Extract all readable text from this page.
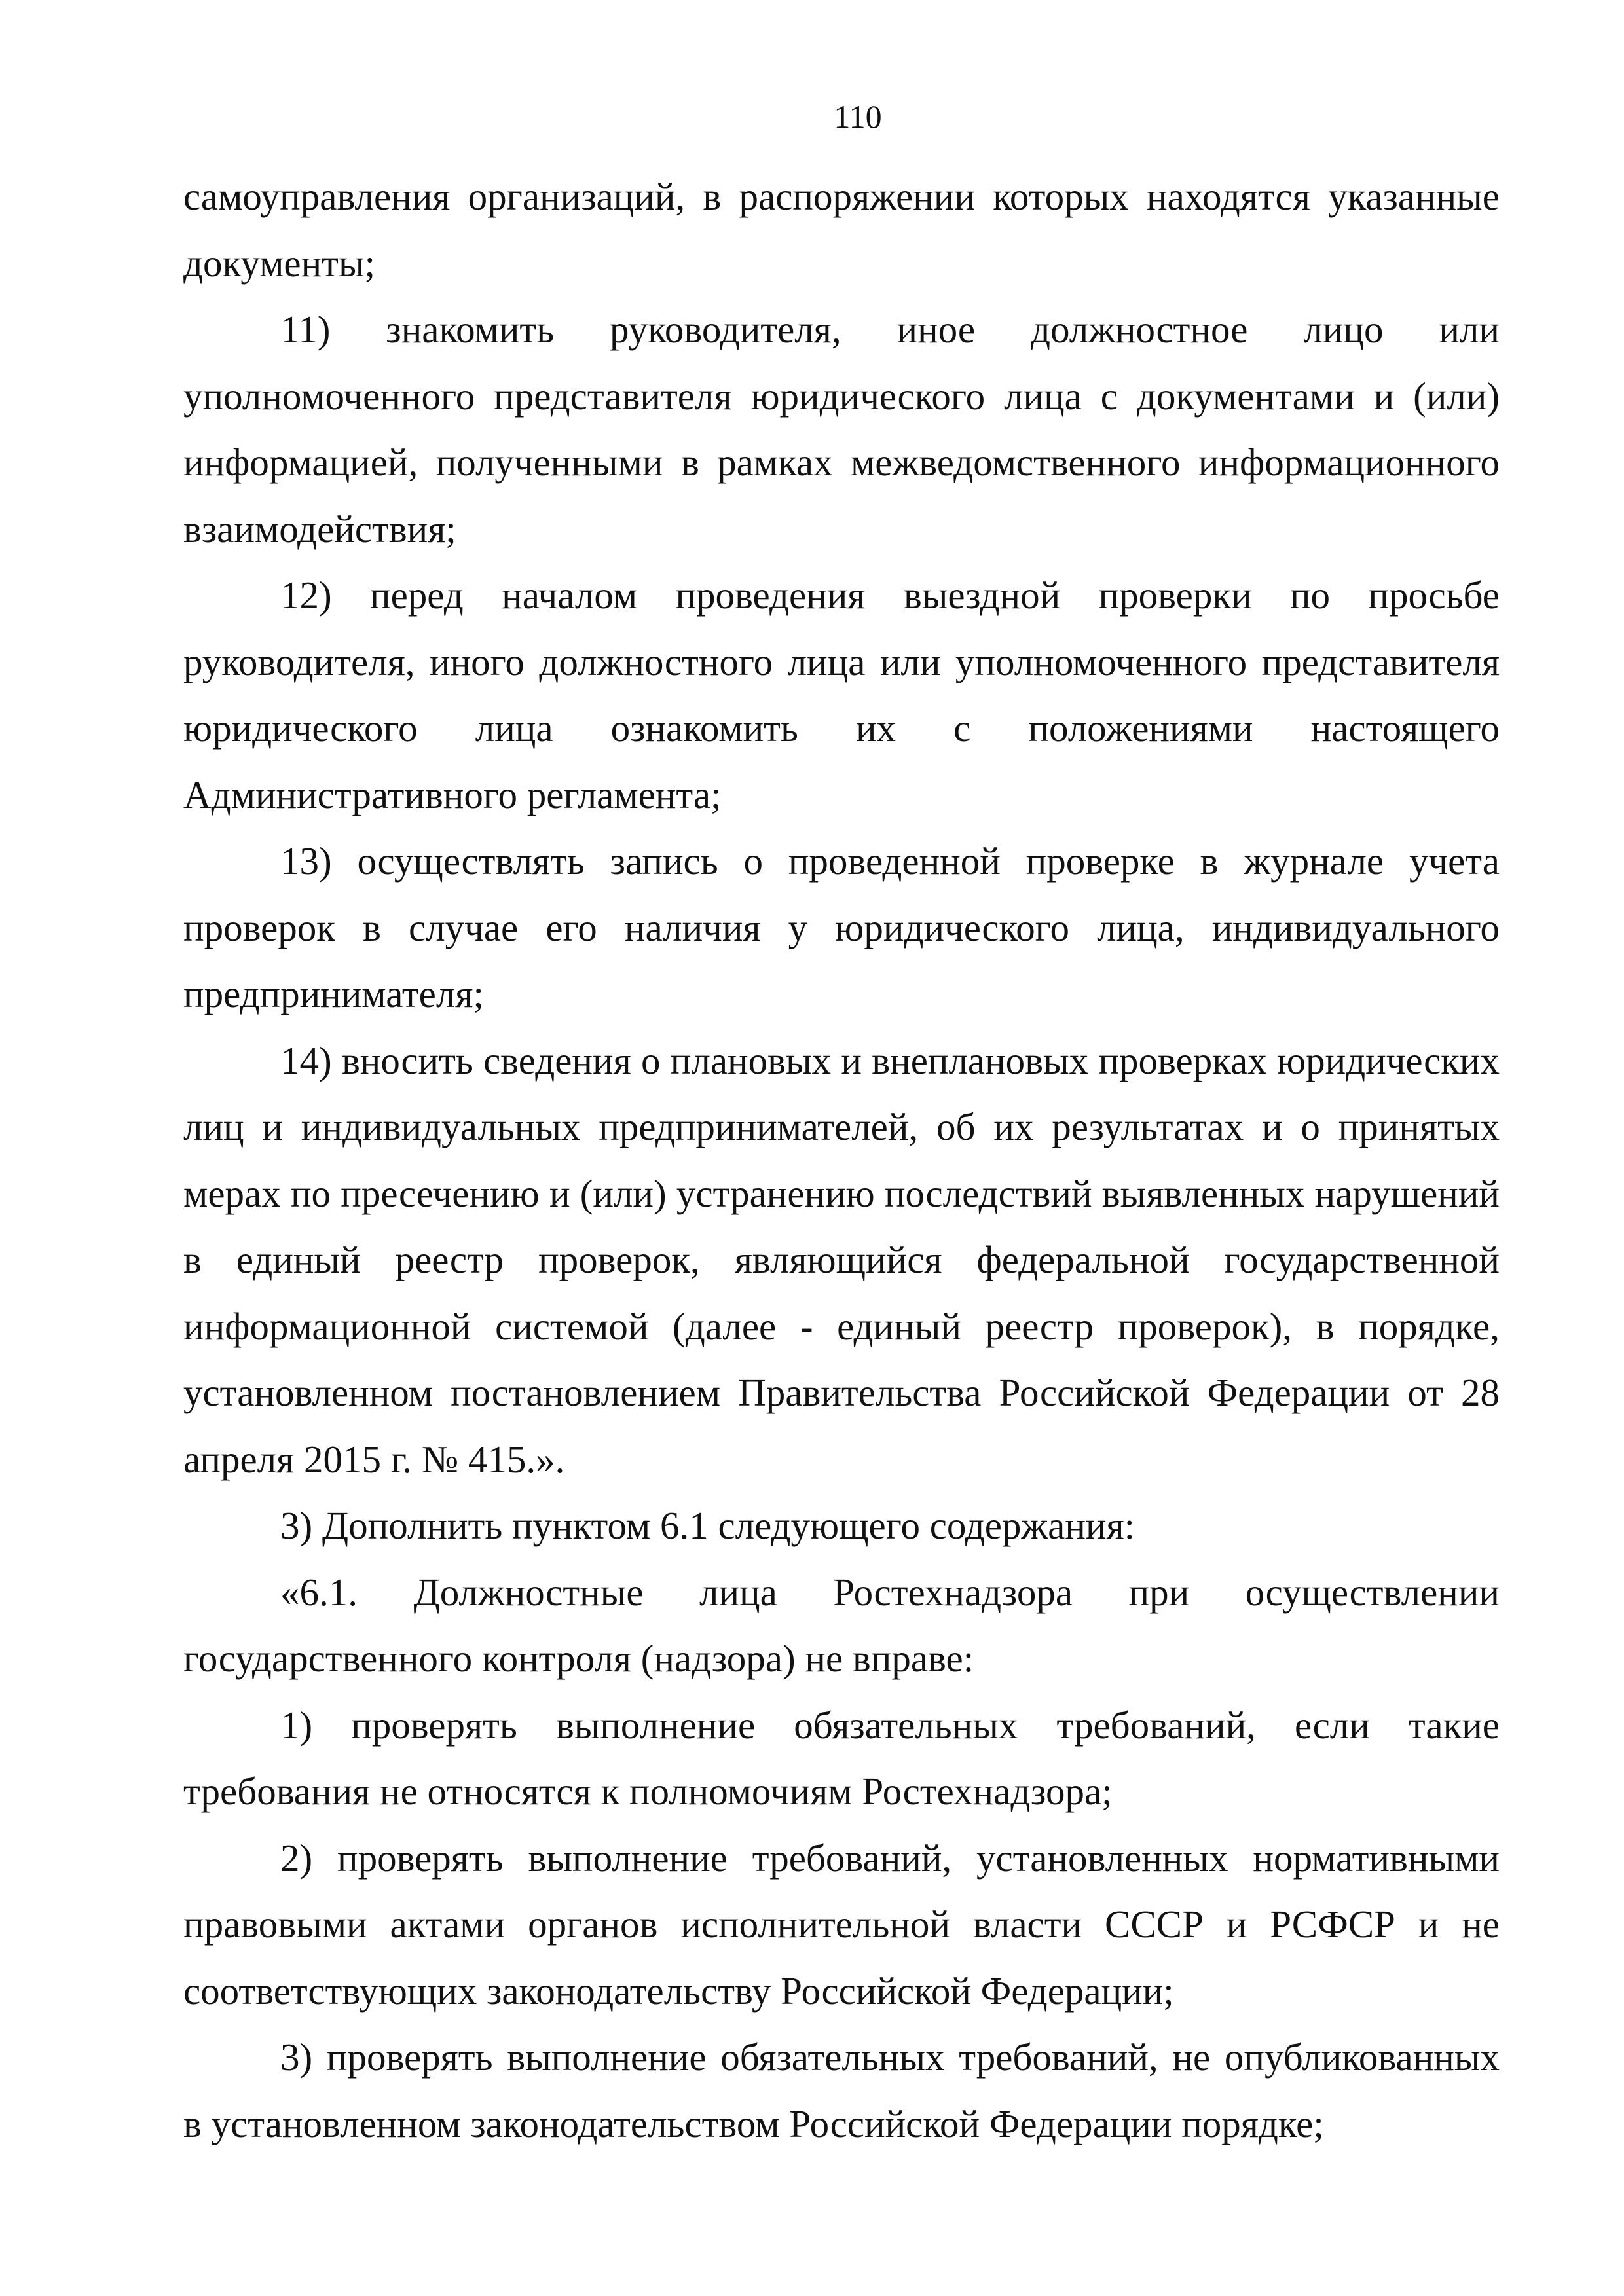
110

самоуправления организаций, в распоряжении которых находятся указанные документы;

11) знакомить руководителя, иное должностное лицо или уполномоченного представителя юридического лица с документами и (или) информацией, полученными в рамках межведомственного информационного взаимодействия;

12) перед началом проведения выездной проверки по просьбе руководителя, иного должностного лица или уполномоченного представителя юридического лица ознакомить их с положениями настоящего Административного регламента;

13) осуществлять запись о проведенной проверке в журнале учета проверок в случае его наличия у юридического лица, индивидуального предпринимателя;

14) вносить сведения о плановых и внеплановых проверках юридических лиц и индивидуальных предпринимателей, об их результатах и о принятых мерах по пресечению и (или) устранению последствий выявленных нарушений в единый реестр проверок, являющийся федеральной государственной информационной системой (далее - единый реестр проверок), в порядке, установленном постановлением Правительства Российской Федерации от 28 апреля 2015 г. № 415.».

3) Дополнить пунктом 6.1 следующего содержания:

«6.1. Должностные лица Ростехнадзора при осуществлении государственного контроля (надзора) не вправе:

1) проверять выполнение обязательных требований, если такие требования не относятся к полномочиям Ростехнадзора;

2) проверять выполнение требований, установленных нормативными правовыми актами органов исполнительной власти СССР и РСФСР и не соответствующих законодательству Российской Федерации;

3) проверять выполнение обязательных требований, не опубликованных в установленном законодательством Российской Федерации порядке;
